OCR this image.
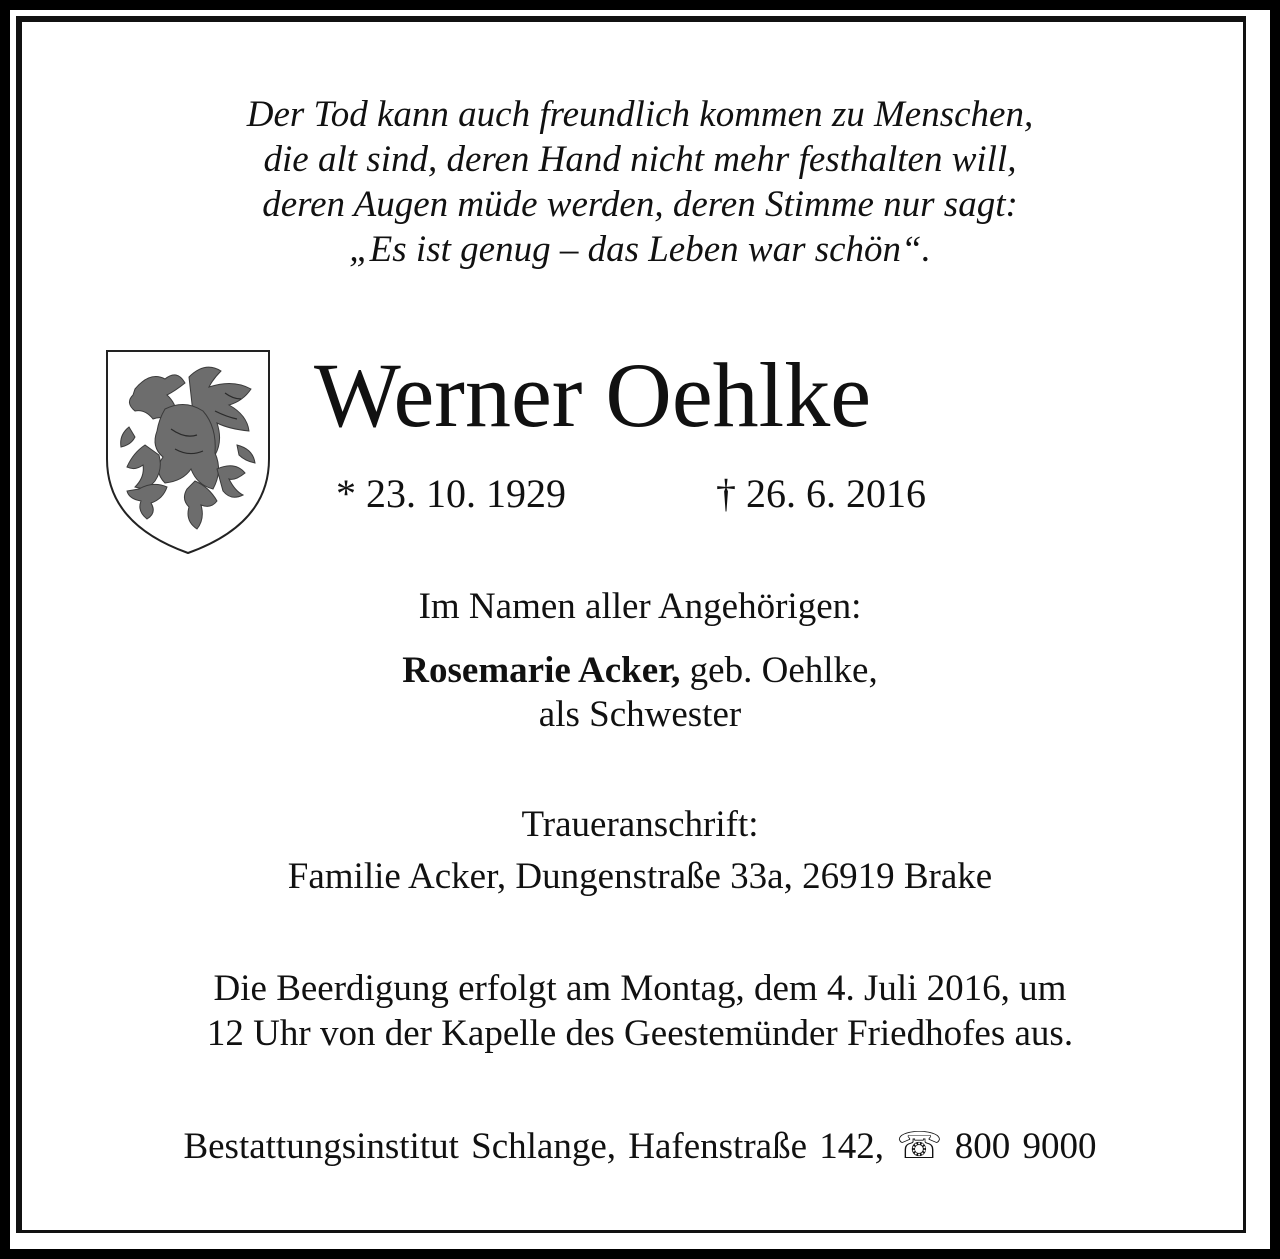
Der Tod kann auch freundlich kommen zu Menschen,
die alt sind, deren Hand nicht mehr festhalten will,
deren Augen müde werden, deren Stimme nur sagt:
„Es ist genug – das Leben war schön“.
Werner Oehlke
* 23. 10. 1929	† 26. 6. 2016
Im Namen aller Angehörigen:
Rosemarie Acker, geb. Oehlke,
als Schwester
Traueranschrift:
Familie Acker, Dungenstraße 33a, 26919 Brake
Die Beerdigung erfolgt am Montag, dem 4. Juli 2016, um
12 Uhr von der Kapelle des Geestemünder Friedhofes aus.
Bestattungsinstitut Schlange, Hafenstraße 142, ☏ 800 9000
